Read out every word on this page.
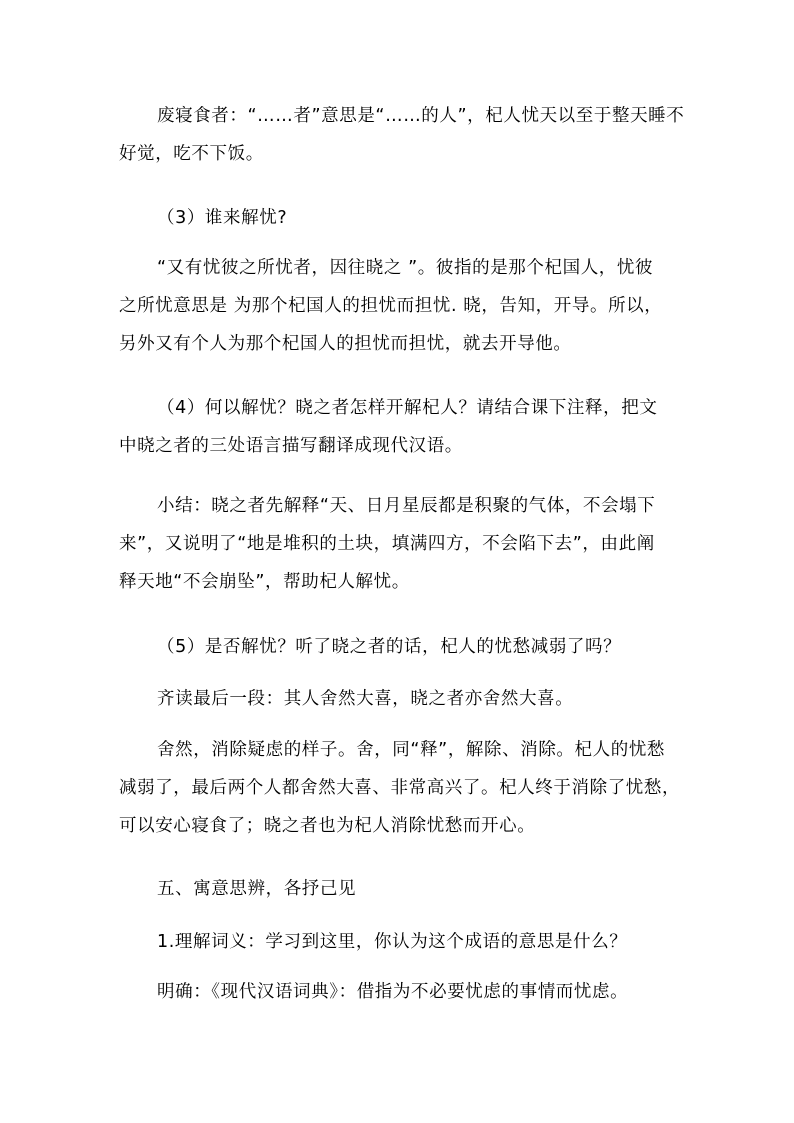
废寝食者：“……者”意思是“……的人”，杞人忧天以至于整天睡不
好觉，吃不下饭。

（3）谁来解忧?

“又有忧彼之所忧者，因往晓之 ”。彼指的是那个杞国人，忧彼
之所忧意思是 为那个杞国人的担忧而担忧. 晓，告知，开导。所以，
另外又有个人为那个杞国人的担忧而担忧，就去开导他。

（4）何以解忧？晓之者怎样开解杞人？请结合课下注释，把文
中晓之者的三处语言描写翻译成现代汉语。

小结：晓之者先解释“天、日月星辰都是积聚的气体，不会塌下
来”，又说明了“地是堆积的土块，填满四方，不会陷下去”，由此阐
释天地“不会崩坠”，帮助杞人解忧。

（5）是否解忧？听了晓之者的话，杞人的忧愁减弱了吗？

齐读最后一段：其人舍然大喜，晓之者亦舍然大喜。

舍然，消除疑虑的样子。舍，同“释”，解除、消除。杞人的忧愁
减弱了，最后两个人都舍然大喜、非常高兴了。杞人终于消除了忧愁，
可以安心寝食了；晓之者也为杞人消除忧愁而开心。

五、寓意思辨，各抒己见

1.理解词义：学习到这里，你认为这个成语的意思是什么？

明确：《现代汉语词典》：借指为不必要忧虑的事情而忧虑。
